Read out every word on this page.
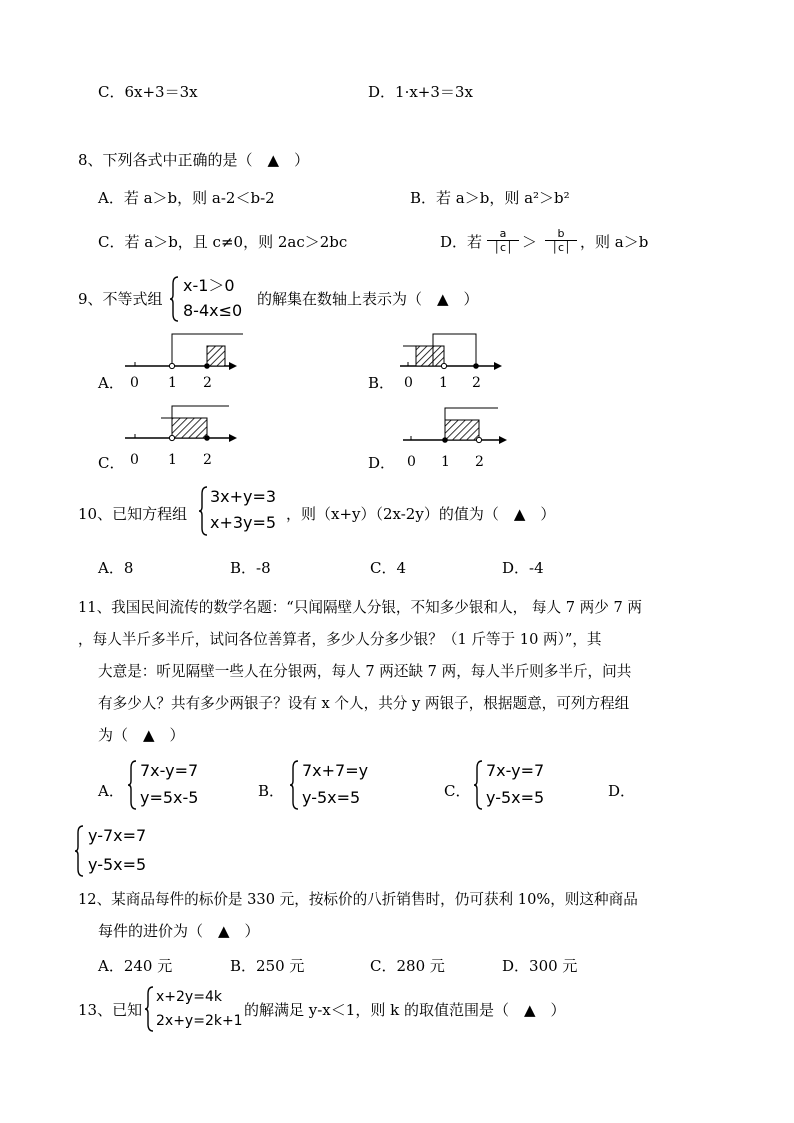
C．6x+3＝3x	D．1·x+3＝3x
8、下列各式中正确的是（　▲　）
A．若 a＞b，则 a-2＜b-2	B．若 a＞b，则 a²＞b²
C．若 a＞b，且 c≠0，则 2ac＞2bc	D．若 $\frac{a}{│c│} > \frac{b}{│c│}$ ，则 a＞b
9、不等式组
x-1＞0
8-4x≤0
的解集在数轴上表示为（　▲　）
A． 0 1 2	B． 0 1 2
C． 0 1 2	D． 0 1 2
10、已知方程组
3x+y=3
x+3y=5 ，则（x+y）（2x-2y）的值为（　▲　）
A．8	B．-8	C．4	D．-4
11、我国民间流传的数学名题：“只闻隔壁人分银，不知多少银和人， 每人 7 两少 7 两
，每人半斤多半斤，试问各位善算者，多少人分多少银？（1 斤等于 10 两）”，其
大意是：听见隔壁一些人在分银两，每人 7 两还缺 7 两，每人半斤则多半斤，问共
有多少人？共有多少两银子？设有 x 个人，共分 y 两银子，根据题意，可列方程组
为（　▲　）
A．
7x-y=7
y=5x-5	B．
7x+7=y
y-5x=5	C．
7x-y=7
y-5x=5	D．
y-7x=7
y-5x=5
12、某商品每件的标价是 330 元，按标价的八折销售时，仍可获利 10%，则这种商品
每件的进价为（　▲　）
A．240 元	B．250 元	C．280 元	D．300 元
13、已知
x+2y=4k
2x+y=2k+1
的解满足 y-x＜1，则 k 的取值范围是（　▲　）
